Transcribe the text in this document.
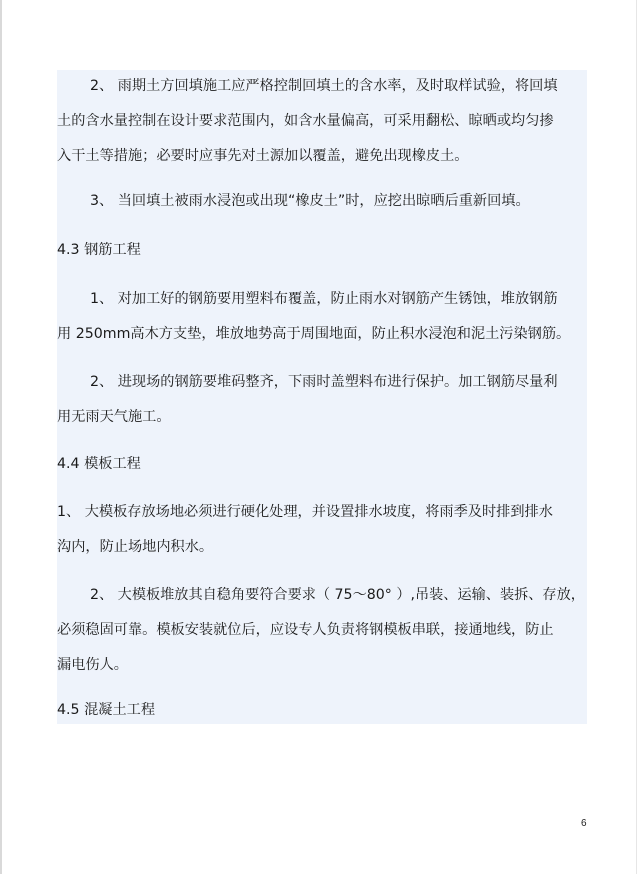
2、 雨期土方回填施工应严格控制回填土的含水率，及时取样试验，将回填
土的含水量控制在设计要求范围内，如含水量偏高，可采用翻松、晾晒或均匀掺
入干土等措施；必要时应事先对土源加以覆盖，避免出现橡皮土。
3、 当回填土被雨水浸泡或出现“橡皮土”时，应挖出晾晒后重新回填。
4.3 钢筋工程
1、 对加工好的钢筋要用塑料布覆盖，防止雨水对钢筋产生锈蚀，堆放钢筋
用 250mm高木方支垫，堆放地势高于周围地面，防止积水浸泡和泥土污染钢筋。
2、 进现场的钢筋要堆码整齐，下雨时盖塑料布进行保护。加工钢筋尽量利
用无雨天气施工。
4.4 模板工程
1、 大模板存放场地必须进行硬化处理，并设置排水坡度，将雨季及时排到排水
沟内，防止场地内积水。
2、 大模板堆放其自稳角要符合要求（ 75～80° ）,吊装、运输、装拆、存放，
必须稳固可靠。模板安装就位后，应设专人负责将钢模板串联，接通地线，防止
漏电伤人。
4.5 混凝土工程
6
